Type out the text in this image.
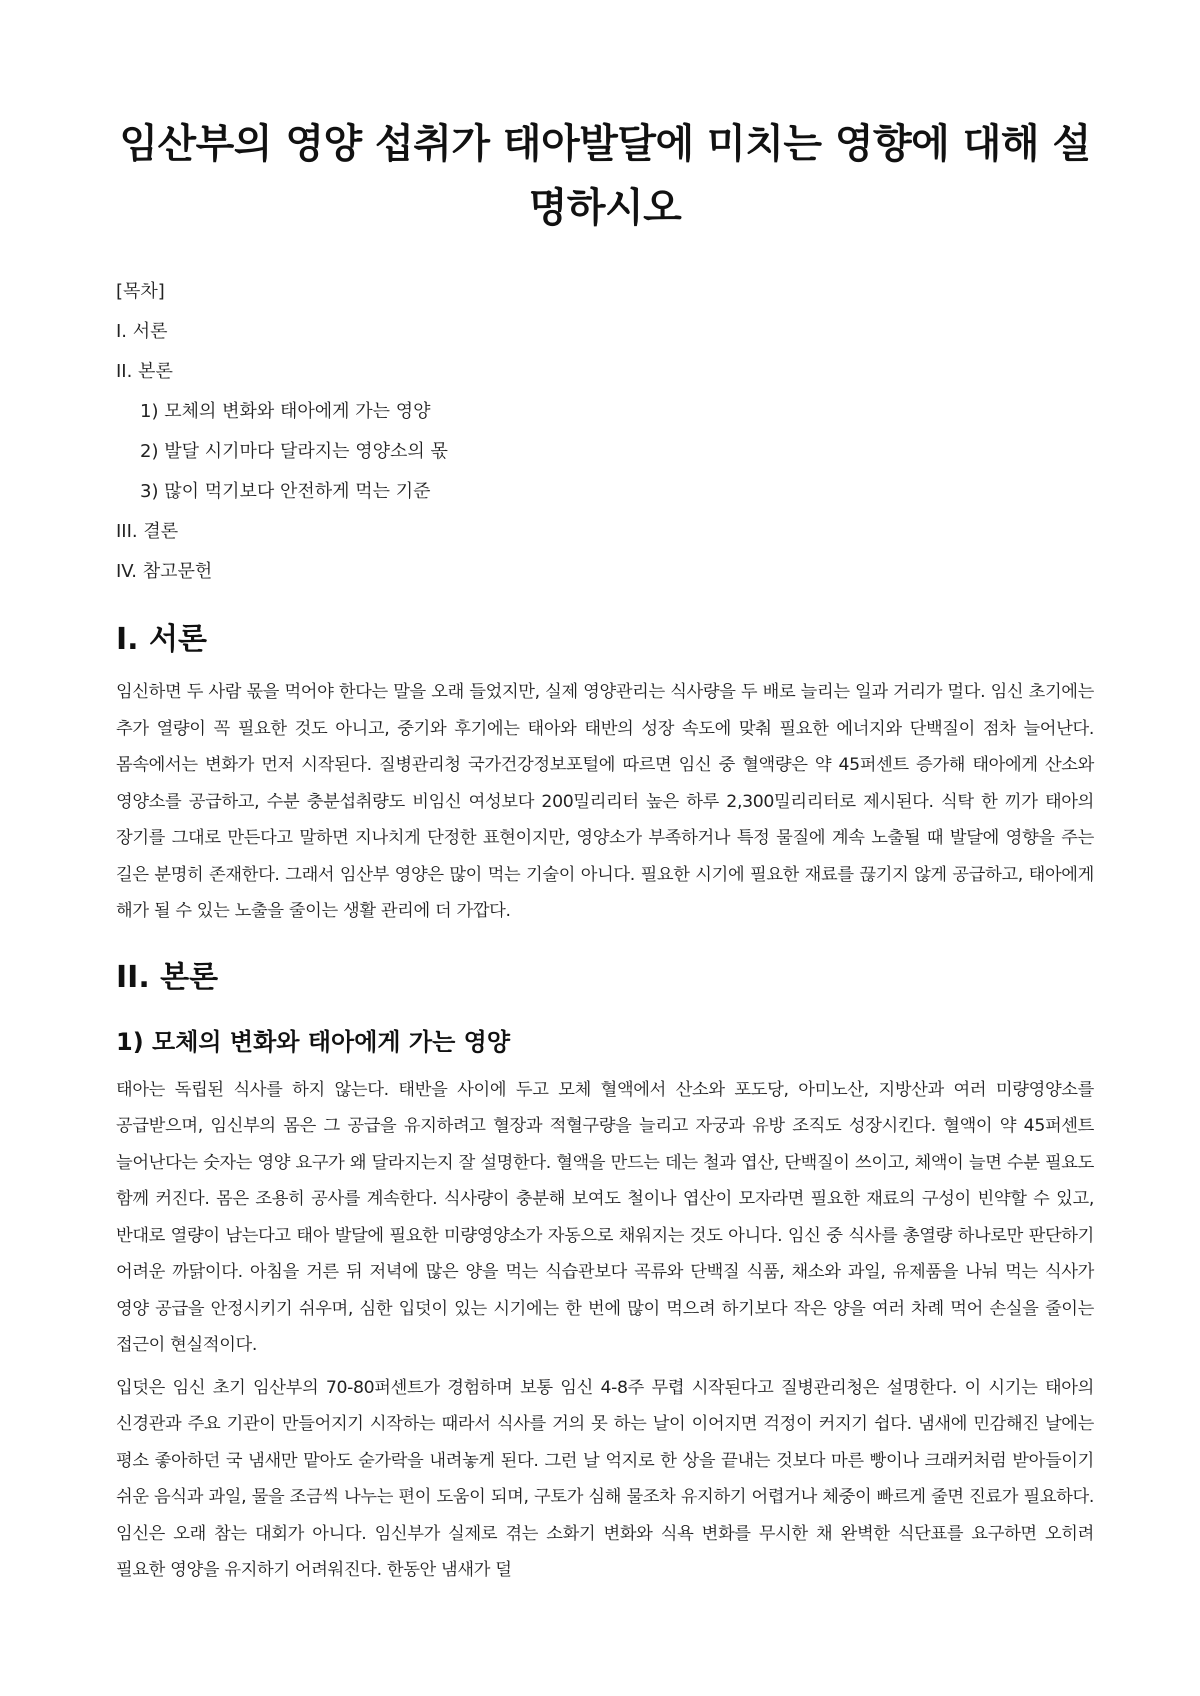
임산부의 영양 섭취가 태아발달에 미치는 영향에 대해 설명하시오

[목차]

I. 서론

II. 본론

1) 모체의 변화와 태아에게 가는 영양

2) 발달 시기마다 달라지는 영양소의 몫

3) 많이 먹기보다 안전하게 먹는 기준

III. 결론

IV. 참고문헌

I. 서론

임신하면 두 사람 몫을 먹어야 한다는 말을 오래 들었지만, 실제 영양관리는 식사량을 두 배로 늘리는 일과 거리가 멀다. 임신 초기에는 추가 열량이 꼭 필요한 것도 아니고, 중기와 후기에는 태아와 태반의 성장 속도에 맞춰 필요한 에너지와 단백질이 점차 늘어난다. 몸속에서는 변화가 먼저 시작된다. 질병관리청 국가건강정보포털에 따르면 임신 중 혈액량은 약 45퍼센트 증가해 태아에게 산소와 영양소를 공급하고, 수분 충분섭취량도 비임신 여성보다 200밀리리터 높은 하루 2,300밀리리터로 제시된다. 식탁 한 끼가 태아의 장기를 그대로 만든다고 말하면 지나치게 단정한 표현이지만, 영양소가 부족하거나 특정 물질에 계속 노출될 때 발달에 영향을 주는 길은 분명히 존재한다. 그래서 임산부 영양은 많이 먹는 기술이 아니다. 필요한 시기에 필요한 재료를 끊기지 않게 공급하고, 태아에게 해가 될 수 있는 노출을 줄이는 생활 관리에 더 가깝다.

II. 본론
1) 모체의 변화와 태아에게 가는 영양

태아는 독립된 식사를 하지 않는다. 태반을 사이에 두고 모체 혈액에서 산소와 포도당, 아미노산, 지방산과 여러 미량영양소를 공급받으며, 임신부의 몸은 그 공급을 유지하려고 혈장과 적혈구량을 늘리고 자궁과 유방 조직도 성장시킨다. 혈액이 약 45퍼센트 늘어난다는 숫자는 영양 요구가 왜 달라지는지 잘 설명한다. 혈액을 만드는 데는 철과 엽산, 단백질이 쓰이고, 체액이 늘면 수분 필요도 함께 커진다. 몸은 조용히 공사를 계속한다. 식사량이 충분해 보여도 철이나 엽산이 모자라면 필요한 재료의 구성이 빈약할 수 있고, 반대로 열량이 남는다고 태아 발달에 필요한 미량영양소가 자동으로 채워지는 것도 아니다. 임신 중 식사를 총열량 하나로만 판단하기 어려운 까닭이다. 아침을 거른 뒤 저녁에 많은 양을 먹는 식습관보다 곡류와 단백질 식품, 채소와 과일, 유제품을 나눠 먹는 식사가 영양 공급을 안정시키기 쉬우며, 심한 입덧이 있는 시기에는 한 번에 많이 먹으려 하기보다 작은 양을 여러 차례 먹어 손실을 줄이는 접근이 현실적이다.

입덧은 임신 초기 임산부의 70-80퍼센트가 경험하며 보통 임신 4-8주 무렵 시작된다고 질병관리청은 설명한다. 이 시기는 태아의 신경관과 주요 기관이 만들어지기 시작하는 때라서 식사를 거의 못 하는 날이 이어지면 걱정이 커지기 쉽다. 냄새에 민감해진 날에는 평소 좋아하던 국 냄새만 맡아도 숟가락을 내려놓게 된다. 그런 날 억지로 한 상을 끝내는 것보다 마른 빵이나 크래커처럼 받아들이기 쉬운 음식과 과일, 물을 조금씩 나누는 편이 도움이 되며, 구토가 심해 물조차 유지하기 어렵거나 체중이 빠르게 줄면 진료가 필요하다. 임신은 오래 참는 대회가 아니다. 임신부가 실제로 겪는 소화기 변화와 식욕 변화를 무시한 채 완벽한 식단표를 요구하면 오히려 필요한 영양을 유지하기 어려워진다. 한동안 냄새가 덜
